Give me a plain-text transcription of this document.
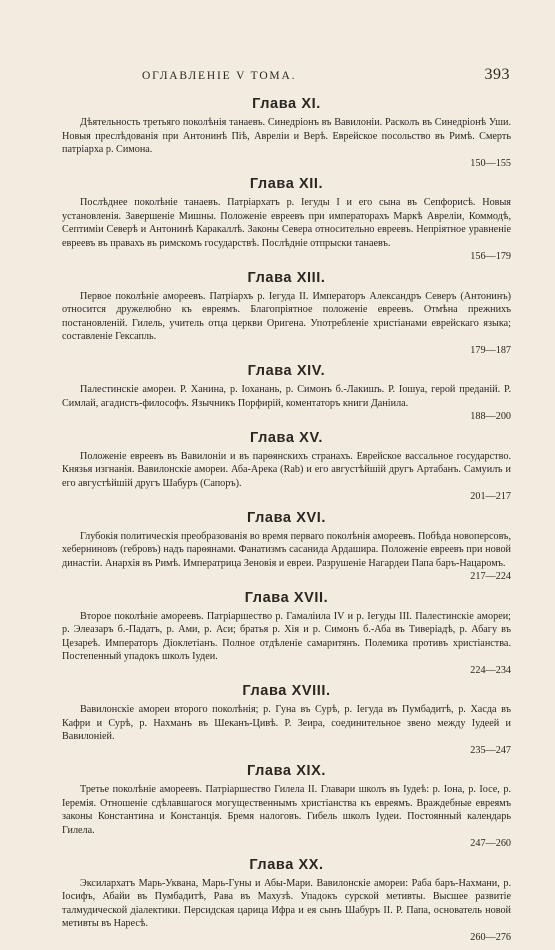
ОГЛАВЛЕНІЕ V ТОМА.	393

Глава XI.

Дѣятельность третьяго поколѣнія танаевъ. Синедріонъ въ Вавилоніи. Расколъ въ Синедріонѣ Уши. Новыя преслѣдованія при Антонинѣ Піѣ, Авреліи и Верѣ. Еврейское посольство въ Римѣ. Смерть патріарха р. Симона.
150—155

Глава XII.

Послѣднее поколѣніе танаевъ. Патріархатъ р. Іегуды I и его сына въ Сепфорисѣ. Новыя установленія. Завершеніе Мишны. Положеніе евреевъ при императорахъ Маркѣ Авреліи, Коммодѣ, Септиміи Северѣ и Антонинѣ Каракаллѣ. Законы Севера относительно евреевъ. Непріятное уравненіе евреевъ въ правахъ въ римскомъ государствѣ. Послѣдніе отпрыски танаевъ.
156—179

Глава XIII.

Первое поколѣніе амореевъ. Патріархъ р. Іегуда II. Императоръ Александръ Северъ (Антонинъ) относится дружелюбно къ евреямъ. Благопріятное положеніе евреевъ. Отмѣна прежнихъ постановленій. Гилель, учитель отца церкви Оригена. Употребленіе христіанами еврейскаго языка; составленіе Гексапль.
179—187

Глава XIV.

Палестинскіе амореи. Р. Ханина, р. Іоханань, р. Симонъ б.-Лакишъ. Р. Іошуа, герой преданій. Р. Симлай, агадистъ-философъ. Язычникъ Порфирій, коментаторъ книги Даніила.
188—200

Глава XV.

Положеніе евреевъ въ Вавилоніи и въ парѳянскихъ странахъ. Еврейское вассальное государство. Князья изгнанія. Вавилонскіе амореи. Аба-Арека (Rab) и его августѣйшій другъ Артабанъ. Самуилъ и его августѣйшій другъ Шабуръ (Сапоръ).
201—217

Глава XVI.

Глубокія политическія преобразованія во время перваго поколѣнія амореевъ. Побѣда новоперсовъ, хеберниновъ (гебровъ) надъ парѳянами. Фанатизмъ сасанида Ардашира. Положеніе евреевъ при новой династіи. Анархія въ Римѣ. Императрица Зеновія и евреи. Разрушеніе Нагардеи Папа баръ-Нацаромъ.
217—224

Глава XVII.

Второе поколѣніе амореевъ. Патріаршество р. Гамаліила IV и р. Іегуды III. Палестинскіе амореи; р. Элеазаръ б.-Падатъ, р. Ами, р. Аси; братья р. Хія и р. Симонъ б.-Аба въ Тиверіадѣ, р. Абагу въ Цезареѣ. Императоръ Діоклетіанъ. Полное отдѣленіе самаритянъ. Полемика противъ христіанства. Постепенный упадокъ школъ Іудеи.
224—234

Глава XVIII.

Вавилонскіе амореи второго поколѣнія; р. Гуна въ Сурѣ, р. Іегуда въ Пумбадитѣ, р. Хасда въ Кафри и Сурѣ, р. Нахманъ въ Шеканъ-Цивѣ. Р. Зеира, соединительное звено между Іудеей и Вавилоніей.
235—247

Глава XIX.

Третье поколѣніе амореевъ. Патріаршество Гилела II. Главари школъ въ Іудеѣ: р. Іона, р. Іосе, р. Іеремія. Отношеніе сдѣлавшагося могущественнымъ христіанства къ евреямъ. Враждебные евреямъ законы Константина и Констанція. Бремя налоговъ. Гибель школъ Іудеи. Постоянный календарь Гилела.
247—260

Глава XX.

Эксилархатъ Марь-Уквана, Марь-Гуны и Абы-Мари. Вавилонскіе амореи: Раба баръ-Нахмани, р. Іосифъ, Абайи въ Пумбадитѣ, Рава въ Махузѣ. Упадокъ сурской метивты. Высшее развитіе талмудической діалектики. Персидская царица Ифра и ея сынъ Шабуръ II. Р. Папа, основатель новой метивты въ Наресѣ.
260—276
